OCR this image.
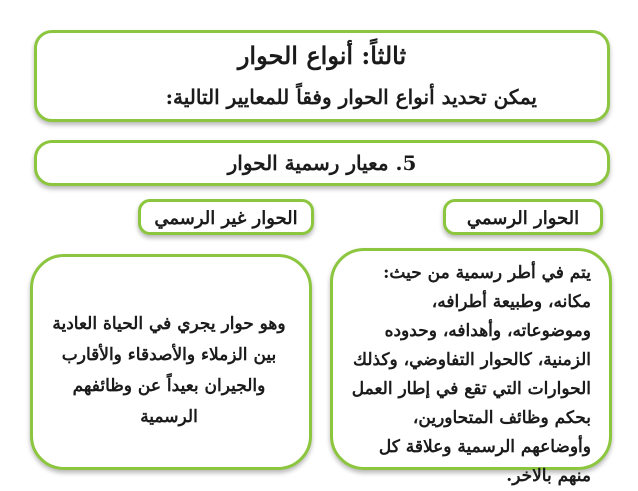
ثالثاً: أنواع الحوار
يمكن تحديد أنواع الحوار وفقاً للمعايير التالية:
5. معيار رسمية الحوار
الحوار الرسمي
الحوار غير الرسمي
يتم في أطر رسمية من حيث: مكانه، وطبيعة أطرافه، وموضوعاته، وأهدافه، وحدوده الزمنية، كالحوار التفاوضي، وكذلك الحوارات التي تقع في إطار العمل بحكم وظائف المتحاورين، وأوضاعهم الرسمية وعلاقة كل منهم بالاخر.
وهو حوار يجري في الحياة العادية بين الزملاء والأصدقاء والأقارب والجيران بعيداً عن وظائفهم الرسمية
